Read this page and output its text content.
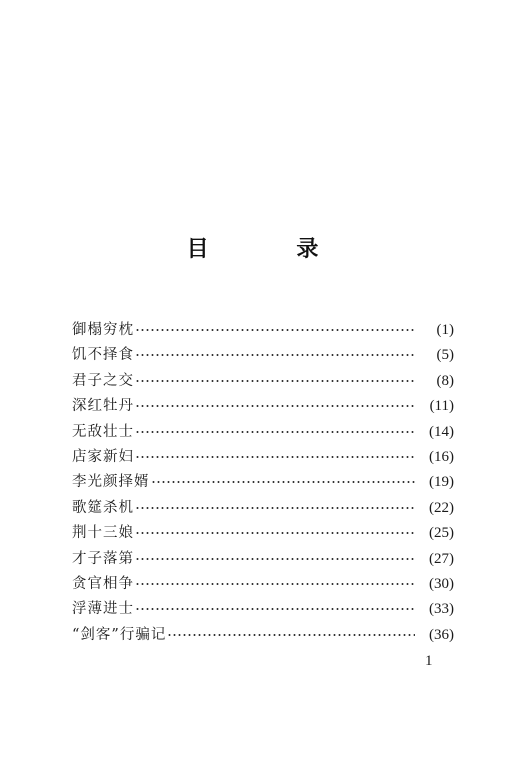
目 录
御榻穷枕	(1)
饥不择食	(5)
君子之交	(8)
深红牡丹	(11)
无敌壮士	(14)
店家新妇	(16)
李光颜择婿	(19)
歌筵杀机	(22)
荆十三娘	(25)
才子落第	(27)
贪官相争	(30)
浮薄进士	(33)
“剑客”行骗记	(36)
1
